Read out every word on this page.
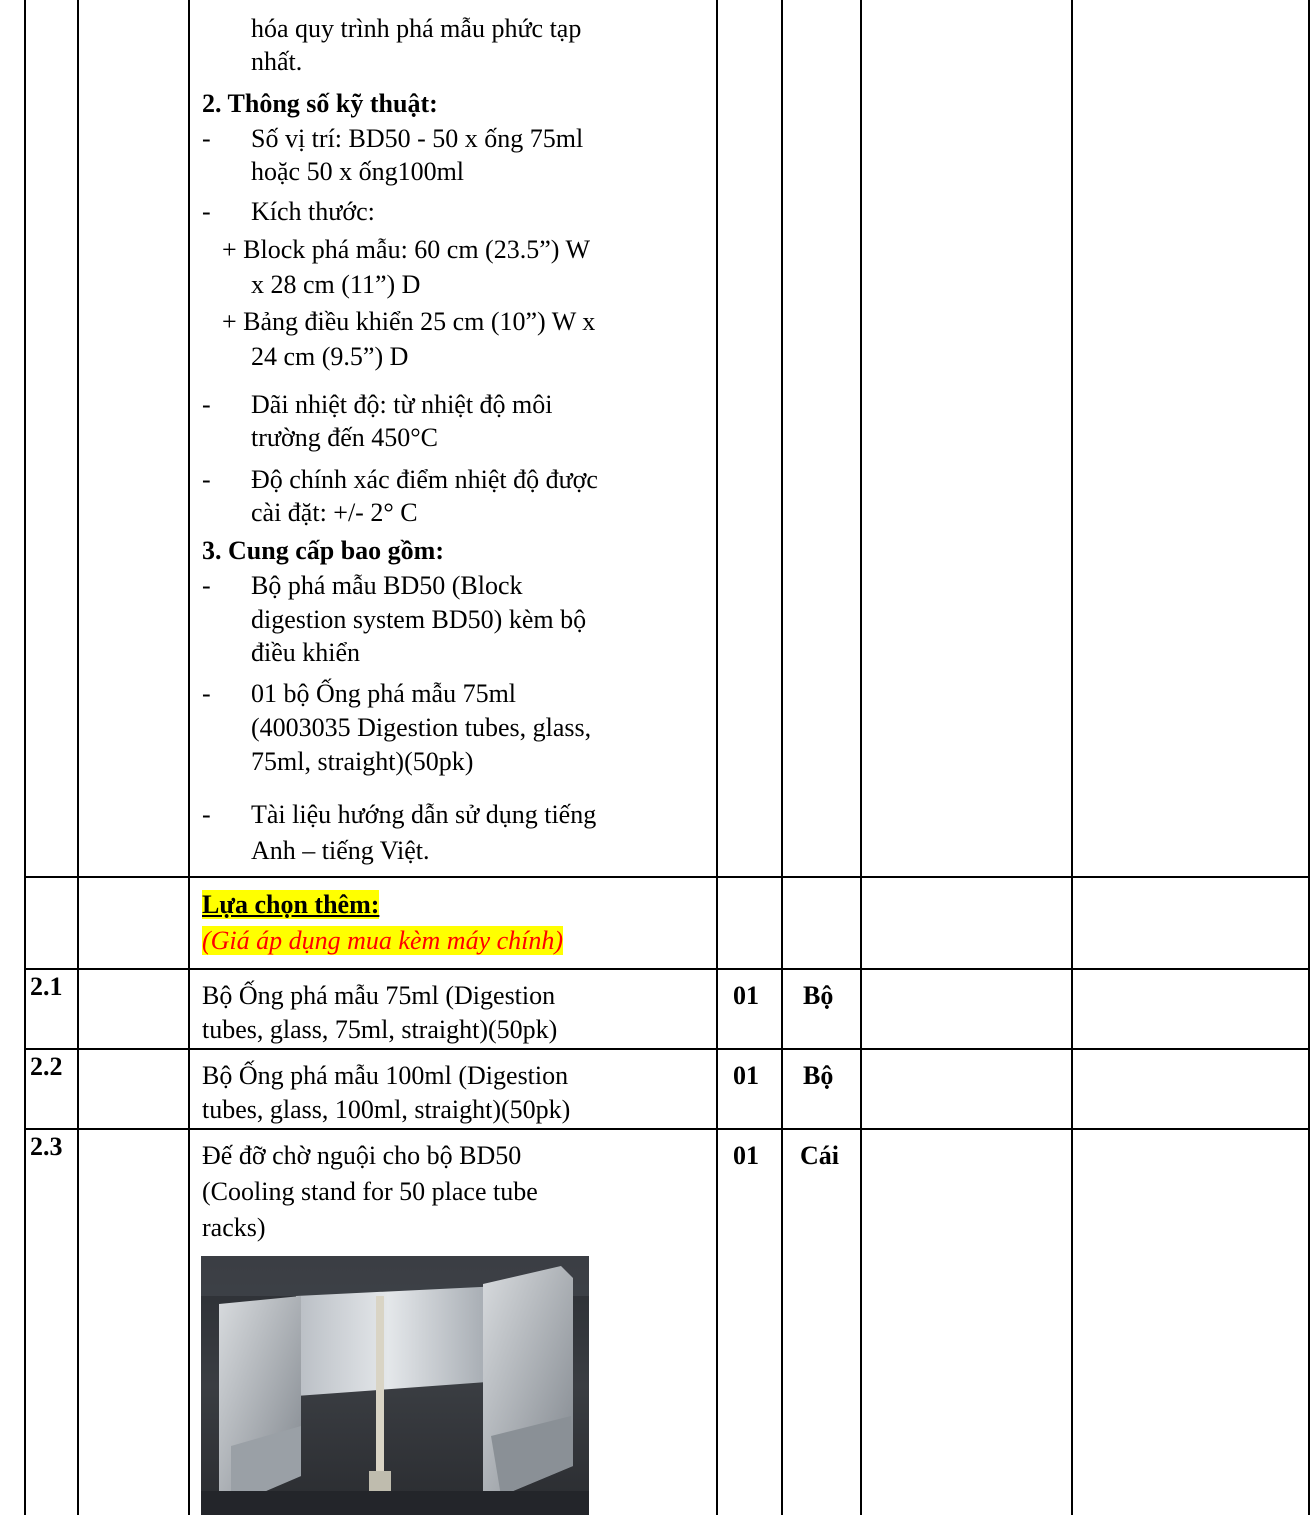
hóa quy trình phá mẫu phức tạp
nhất.
2. Thông số kỹ thuật:
- Số vị trí: BD50 - 50 x ống 75ml
hoặc 50 x ống100ml
- Kích thước:
+ Block phá mẫu: 60 cm (23.5”) W
x 28 cm (11”) D
+ Bảng điều khiển 25 cm (10”) W x
24 cm (9.5”) D
- Dãi nhiệt độ: từ nhiệt độ môi
trường đến 450°C
- Độ chính xác điểm nhiệt độ được
cài đặt: +/- 2° C
3. Cung cấp bao gồm:
- Bộ phá mẫu BD50 (Block
digestion system BD50) kèm bộ
điều khiển
- 01 bộ Ống phá mẫu 75ml
(4003035 Digestion tubes, glass,
75ml, straight)(50pk)
- Tài liệu hướng dẫn sử dụng tiếng
Anh – tiếng Việt.
Lựa chọn thêm:
(Giá áp dụng mua kèm máy chính)
2.1	Bộ Ống phá mẫu 75ml (Digestion
tubes, glass, 75ml, straight)(50pk)
01 Bộ
2.2	Bộ Ống phá mẫu 100ml (Digestion
tubes, glass, 100ml, straight)(50pk)
01 Bộ
2.3	Đế đỡ chờ nguội cho bộ BD50
(Cooling stand for 50 place tube
racks)
01 Cái
